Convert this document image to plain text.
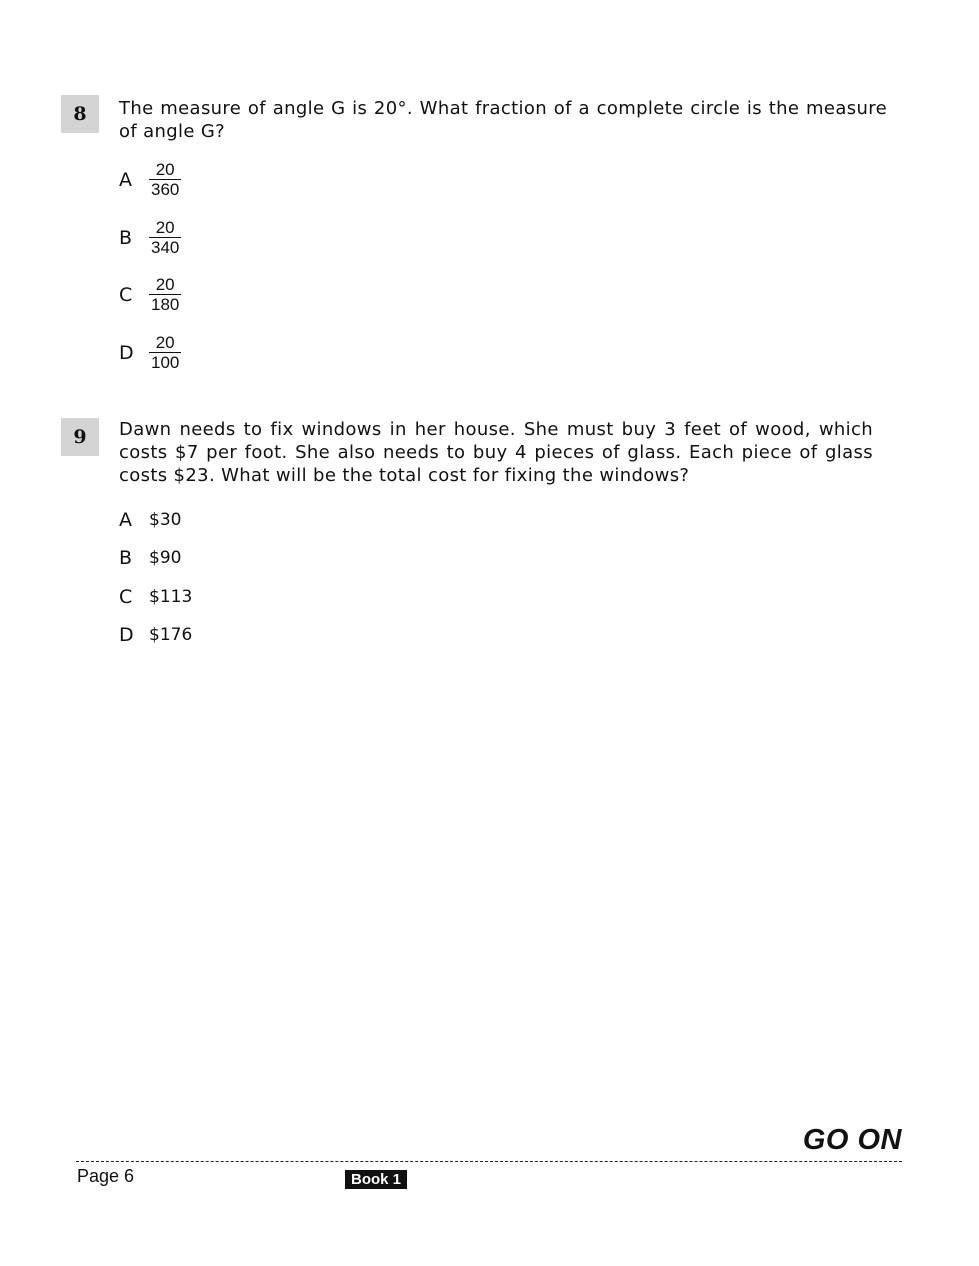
8	The measure of angle G is 20°. What fraction of a complete circle is the measure of angle G?
A	$\frac{20}{360}$
B $\frac{20}{340}$
C $\frac{20}{180}$
D $\frac{20}{100}$
9	Dawn needs to fix windows in her house. She must buy 3 feet of wood, which costs $7 per foot. She also needs to buy 4 pieces of glass. Each piece of glass costs $23. What will be the total cost for fixing the windows?
A	$30
B $90
C $113
D $176
GO ON
Page 6	Book 1
